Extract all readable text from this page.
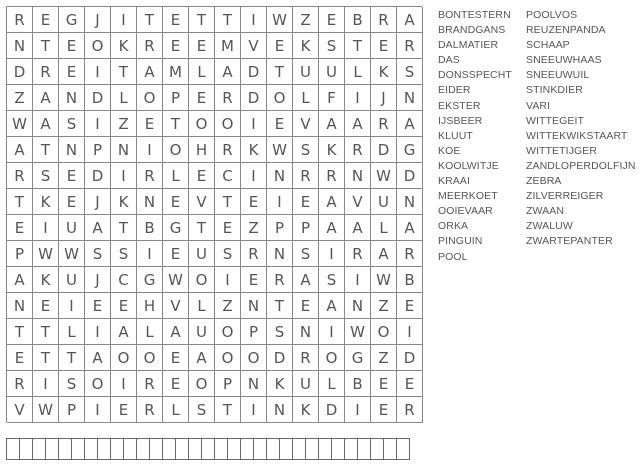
R	E	G	J	I	T	E	T	T	I	W Z	E	B	R	A
N	T	E	O	K	R	E	E M V	E	K	S	T	E	R
D	R	E	I	T	A M	L	A	D	T	U	U	L	K	S
Z	A	N D	L	O	P	E	R	D O	L	F	I	J	N
W A	S	I	Z	E	T	O O	I	E	V	A	A	R	A
A	T	N	P	N	I	O H	R	K W S	K	R	D G
R	S	E	D	I	R	L	E	C	I	N	R	R	N W D
T	K	E	J	K	N	E	V	T	E	I	E	A	V	U N
E	I	U	A	T	B	G	T	E	Z	P	P	A	A	L	A
P W W S	S	I	E	U	S	R	N	S	I	R	A	R
A	K	U	J	C G W O	I	E	R	A	S	I	W B
N	E	I	E	E	H	V	L	Z	N	T	E	A	N	Z	E
T	T	L	I	A	L	A	U O	P	S	N	I	W O	I
E	T	T	A O O	E	A O O D	R O G	Z	D
R	I	S	O	I	R	E	O	P	N	K	U	L	B	E	E
V W P	I	E	R	L	S	T	I	N	K	D	I	E	R
BONTESTERN
BRANDGANS
DALMATIER
DAS
DONSSPECHT
EIDER
EKSTER
IJSBEER
KLUUT
KOE
KOOLWITJE
KRAAI
MEERKOET
OOIEVAAR
ORKA
PINGUIN
POOL
POOLVOS
REUZENPANDA
SCHAAP
SNEEUWHAAS
SNEEUWUIL
STINKDIER
VARI
WITTEGEIT
WITTEKWIKSTAART
WITTETIJGER
ZANDLOPERDOLFIJN
ZEBRA
ZILVERREIGER
ZWAAN
ZWALUW
ZWARTEPANTER
